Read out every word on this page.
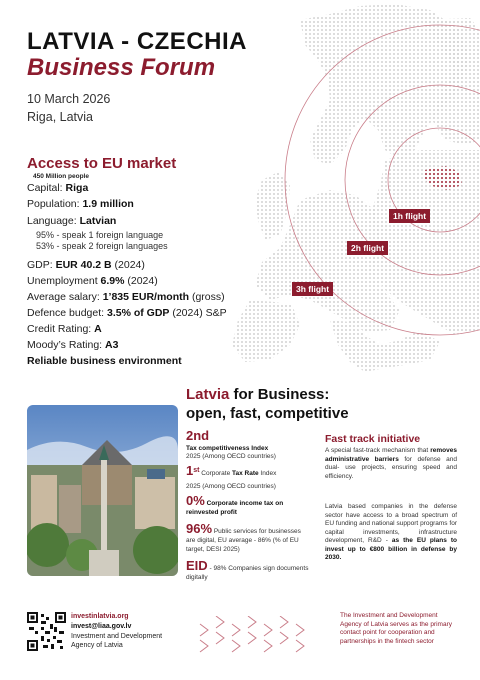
LATVIA - CZECHIA
Business Forum
10 March 2026
Riga, Latvia
Access to EU market
450 Million people
Capital: Riga
Population: 1.9 million
Language: Latvian
95% - speak 1 foreign language
53% - speak 2 foreign languages
GDP: EUR 40.2 B (2024)
Unemployment 6.9% (2024)
Average salary: 1’835 EUR/month (gross)
Defence budget: 3.5% of GDP (2024) S&P
Credit Rating: A
Moody’s Rating: A3
Reliable business environment
1h flight
2h flight
3h flight
Latvia for Business:
open, fast, competitive
2nd
Tax competitiveness Index
2025 (Among OECD countries)
1st Corporate Tax Rate Index
2025 (Among OECD countries)
0% Corporate income tax on reinvested profit
96% Public services for businesses are digital, EU average - 86% (% of EU target, DESI 2025)
EID - 98% Companies sign documents digitally
Fast track initiative
A special fast-track mechanism that removes administrative barriers for defense and dual- use projects, ensuring speed and efficiency.
Latvia based companies in the defense sector have access to a broad spectrum of EU funding and national support programs for capital investments, infrastructure development, R&D - as the EU plans to invest up to €800 billion in defense by 2030.
investinlatvia.org
invest@liaa.gov.lv
Investment and Development
Agency of Latvia
The Investment and Development Agency of Latvia serves as the primary contact point for cooperation and partnerships in the fintech sector
